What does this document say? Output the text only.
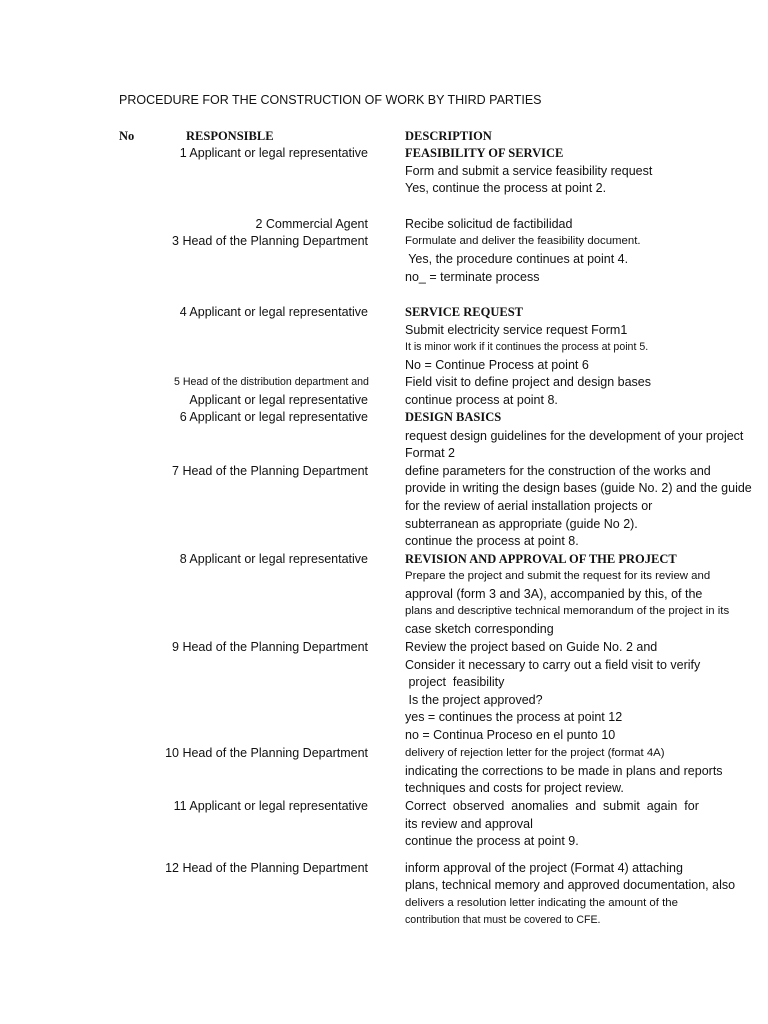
PROCEDURE FOR THE CONSTRUCTION OF WORK BY THIRD PARTIES
No	RESPONSIBLE	DESCRIPTION
1 Applicant or legal representative
2 Commercial Agent
3 Head of the Planning Department
4 Applicant or legal representative
5 Head of the distribution department and
Applicant or legal representative
6 Applicant or legal representative
7 Head of the Planning Department
8 Applicant or legal representative
9 Head of the Planning Department
10 Head of the Planning Department
11 Applicant or legal representative
12 Head of the Planning Department
FEASIBILITY OF SERVICE
Form and submit a service feasibility request
Yes, continue the process at point 2.
Recibe solicitud de factibilidad
Formulate and deliver the feasibility document.
Yes, the procedure continues at point 4.
no_ = terminate process
SERVICE REQUEST
Submit electricity service request Form1
It is minor work if it continues the process at point 5.
No = Continue Process at point 6
Field visit to define project and design bases
continue process at point 8.
DESIGN BASICS
request design guidelines for the development of your project
Format 2
define parameters for the construction of the works and
provide in writing the design bases (guide No. 2) and the guide
for the review of aerial installation projects or
subterranean as appropriate (guide No 2).
continue the process at point 8.
REVISION AND APPROVAL OF THE PROJECT
Prepare the project and submit the request for its review and
approval (form 3 and 3A), accompanied by this, of the
plans and descriptive technical memorandum of the project in its
case sketch corresponding
Review the project based on Guide No. 2 and
Consider it necessary to carry out a field visit to verify
project  feasibility
Is the project approved?
yes = continues the process at point 12
no = Continua Proceso en el punto 10
delivery of rejection letter for the project (format 4A)
indicating the corrections to be made in plans and reports
techniques and costs for project review.
Correct  observed  anomalies  and  submit  again  for
its review and approval
continue the process at point 9.
inform approval of the project (Format 4) attaching
plans, technical memory and approved documentation, also
delivers a resolution letter indicating the amount of the
contribution that must be covered to CFE.
